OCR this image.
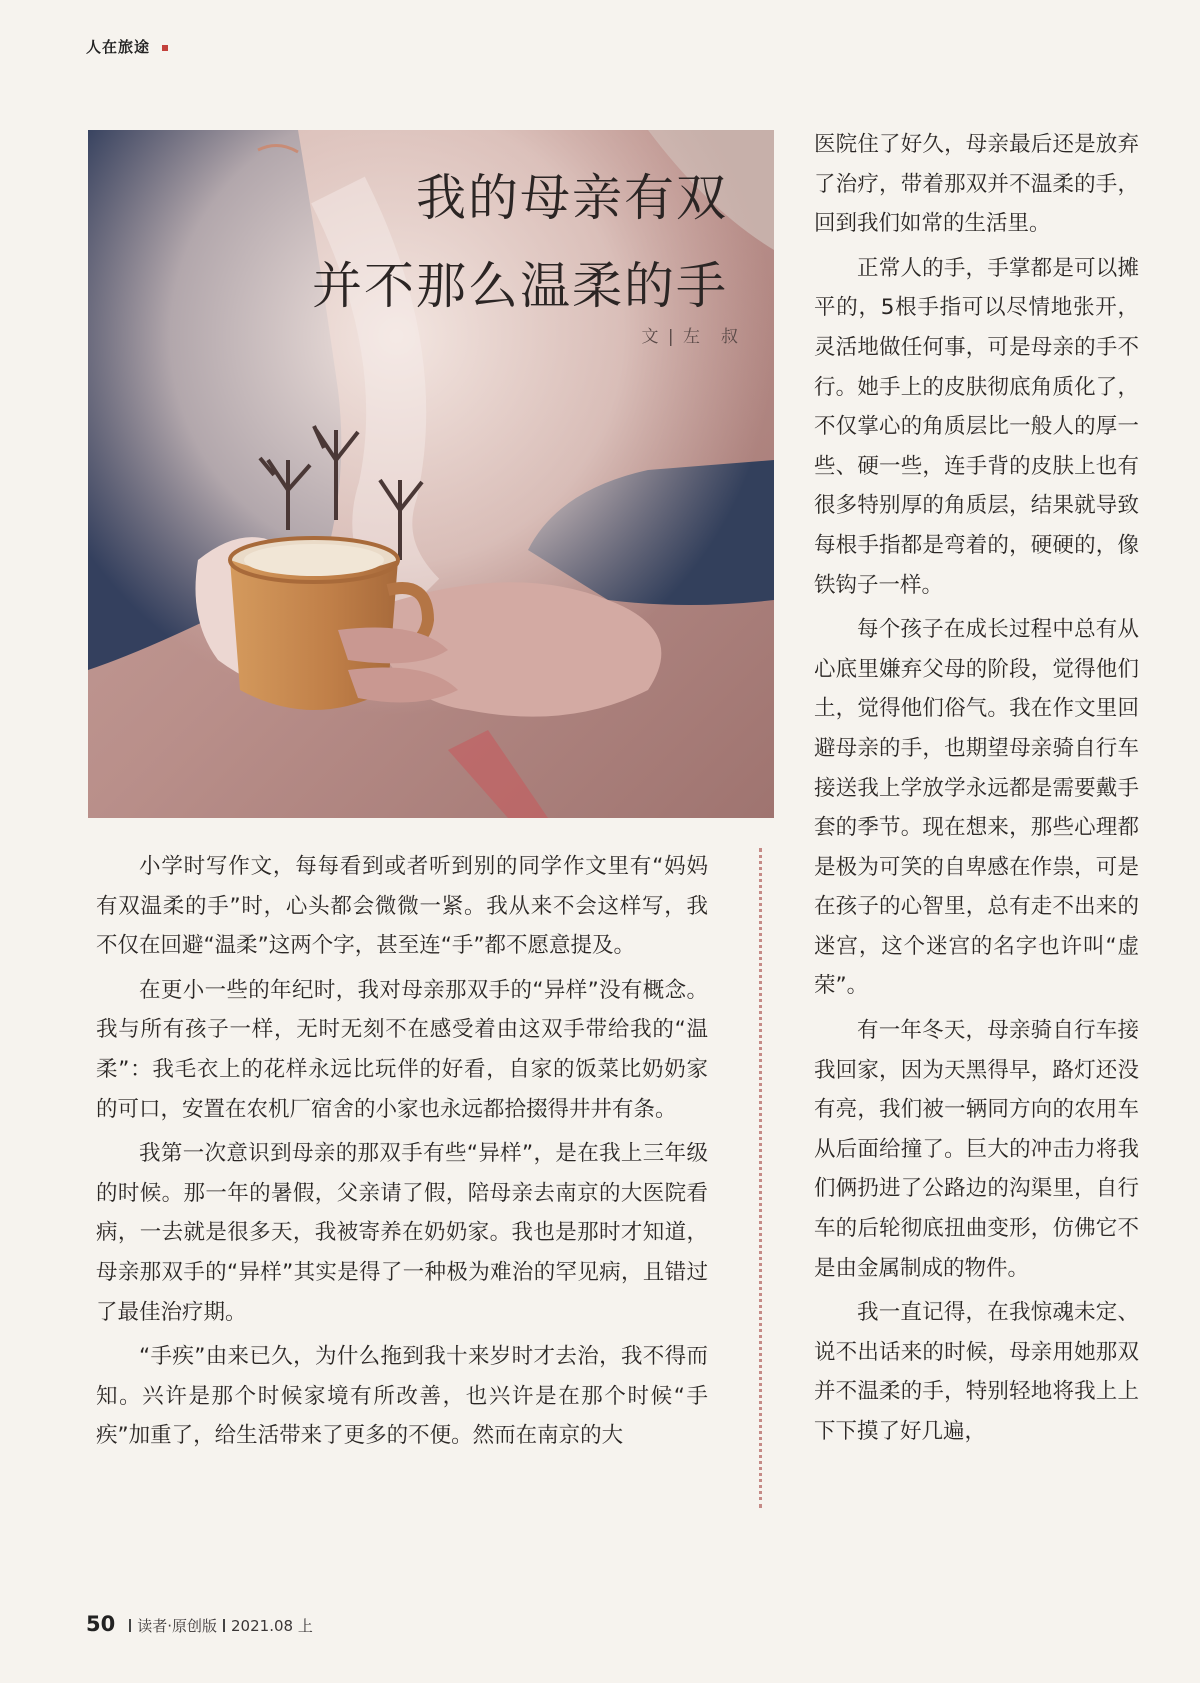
人在旅途
我的母亲有双
并不那么温柔的手
文 | 左　叔

小学时写作文，每每看到或者听到别的同学作文里有“妈妈有双温柔的手”时，心头都会微微一紧。我从来不会这样写，我不仅在回避“温柔”这两个字，甚至连“手”都不愿意提及。

在更小一些的年纪时，我对母亲那双手的“异样”没有概念。我与所有孩子一样，无时无刻不在感受着由这双手带给我的“温柔”：我毛衣上的花样永远比玩伴的好看，自家的饭菜比奶奶家的可口，安置在农机厂宿舍的小家也永远都拾掇得井井有条。

我第一次意识到母亲的那双手有些“异样”，是在我上三年级的时候。那一年的暑假，父亲请了假，陪母亲去南京的大医院看病，一去就是很多天，我被寄养在奶奶家。我也是那时才知道，母亲那双手的“异样”其实是得了一种极为难治的罕见病，且错过了最佳治疗期。

“手疾”由来已久，为什么拖到我十来岁时才去治，我不得而知。兴许是那个时候家境有所改善，也兴许是在那个时候“手疾”加重了，给生活带来了更多的不便。然而在南京的大

医院住了好久，母亲最后还是放弃了治疗，带着那双并不温柔的手，回到我们如常的生活里。

正常人的手，手掌都是可以摊平的，5根手指可以尽情地张开，灵活地做任何事，可是母亲的手不行。她手上的皮肤彻底角质化了，不仅掌心的角质层比一般人的厚一些、硬一些，连手背的皮肤上也有很多特别厚的角质层，结果就导致每根手指都是弯着的，硬硬的，像铁钩子一样。

每个孩子在成长过程中总有从心底里嫌弃父母的阶段，觉得他们土，觉得他们俗气。我在作文里回避母亲的手，也期望母亲骑自行车接送我上学放学永远都是需要戴手套的季节。现在想来，那些心理都是极为可笑的自卑感在作祟，可是在孩子的心智里，总有走不出来的迷宫，这个迷宫的名字也许叫“虚荣”。

有一年冬天，母亲骑自行车接我回家，因为天黑得早，路灯还没有亮，我们被一辆同方向的农用车从后面给撞了。巨大的冲击力将我们俩扔进了公路边的沟渠里，自行车的后轮彻底扭曲变形，仿佛它不是由金属制成的物件。

我一直记得，在我惊魂未定、说不出话来的时候，母亲用她那双并不温柔的手，特别轻地将我上上下下摸了好几遍，

50 读者·原创版 2021.08 上
